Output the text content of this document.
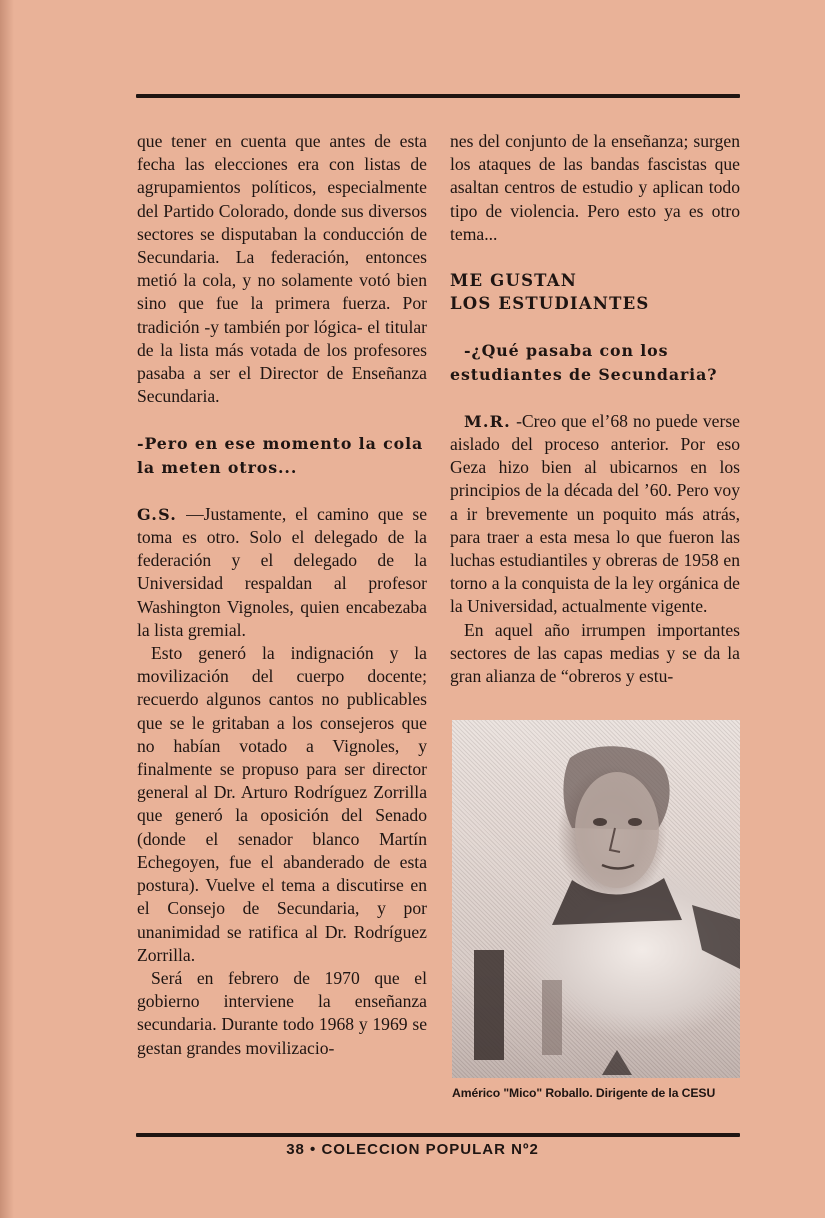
que tener en cuenta que antes de esta fecha las elecciones era con listas de agrupamientos políticos, especialmente del Partido Colorado, donde sus diversos sectores se disputaban la conducción de Secundaria. La federación, entonces metió la cola, y no solamente votó bien sino que fue la primera fuerza. Por tradición -y también por lógica- el titular de la lista más votada de los profesores pasaba a ser el Director de Enseñanza Secundaria.

-Pero en ese momento la cola la meten otros...

G.S. —Justamente, el camino que se toma es otro. Solo el delegado de la federación y el delegado de la Universidad respaldan al profesor Washington Vignoles, quien encabezaba la lista gremial.

Esto generó la indignación y la movilización del cuerpo docente; recuerdo algunos cantos no publicables que se le gritaban a los consejeros que no habían votado a Vignoles, y finalmente se propuso para ser director general al Dr. Arturo Rodríguez Zorrilla que generó la oposición del Senado (donde el senador blanco Martín Echegoyen, fue el abanderado de esta postura). Vuelve el tema a discutirse en el Consejo de Secundaria, y por unanimidad se ratifica al Dr. Rodríguez Zorrilla.

Será en febrero de 1970 que el gobierno interviene la enseñanza secundaria. Durante todo 1968 y 1969 se gestan grandes movilizacio-

nes del conjunto de la enseñanza; surgen los ataques de las bandas fascistas que asaltan centros de estudio y aplican todo tipo de violencia. Pero esto ya es otro tema...

ME GUSTAN
LOS ESTUDIANTES

-¿Qué pasaba con los estudiantes de Secundaria?

M.R. -Creo que el’68 no puede verse aislado del proceso anterior. Por eso Geza hizo bien al ubicarnos en los principios de la década del ’60. Pero voy a ir brevemente un poquito más atrás, para traer a esta mesa lo que fueron las luchas estudiantiles y obreras de 1958 en torno a la conquista de la ley orgánica de la Universidad, actualmente vigente.

En aquel año irrumpen importantes sectores de las capas medias y se da la gran alianza de “obreros y estu-

Américo "Mico" Roballo. Dirigente de la CESU
38 • COLECCION POPULAR Nº2
